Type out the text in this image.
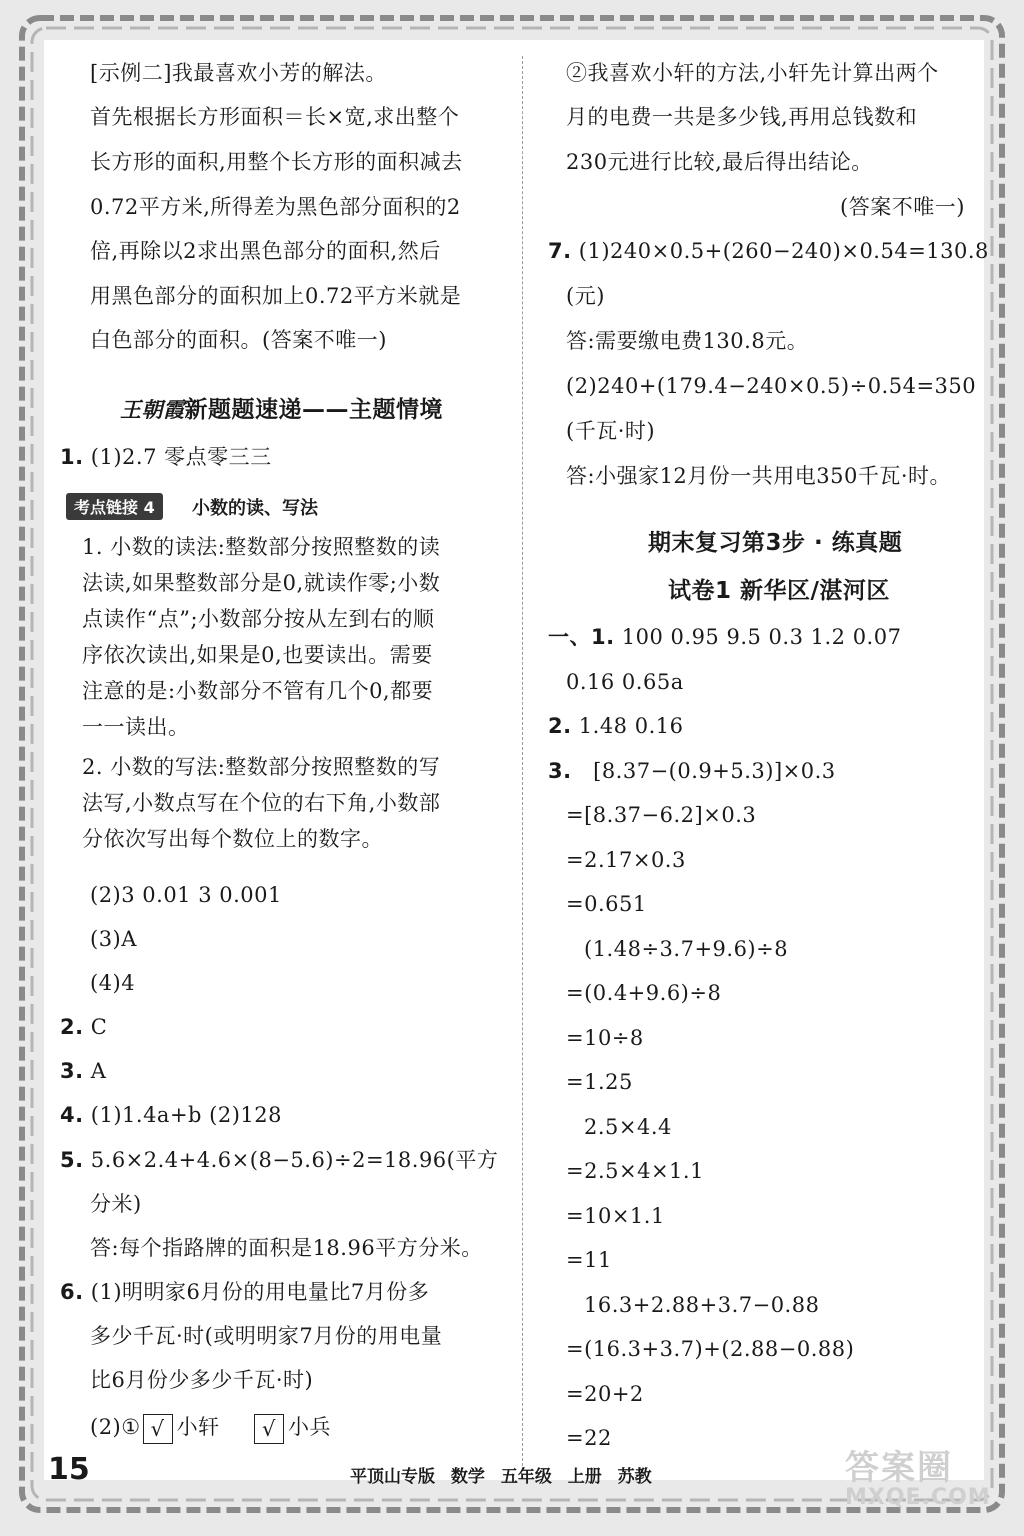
[示例二]我最喜欢小芳的解法。
首先根据长方形面积＝长×宽,求出整个
长方形的面积,用整个长方形的面积减去
0.72平方米,所得差为黑色部分面积的2
倍,再除以2求出黑色部分的面积,然后
用黑色部分的面积加上0.72平方米就是
白色部分的面积。(答案不唯一)
王朝霞新题题速递——主题情境
1. (1)2.7 零点零三三
考点链接 4	小数的读、写法
1. 小数的读法:整数部分按照整数的读
法读,如果整数部分是0,就读作零;小数
点读作“点”;小数部分按从左到右的顺
序依次读出,如果是0,也要读出。需要
注意的是:小数部分不管有几个0,都要
一一读出。
2. 小数的写法:整数部分按照整数的写
法写,小数点写在个位的右下角,小数部
分依次写出每个数位上的数字。
(2)3 0.01 3 0.001
(3)A
(4)4
2. C
3. A
4. (1)1.4a+b (2)128
5. 5.6×2.4+4.6×(8−5.6)÷2=18.96(平方
分米)
答:每个指路牌的面积是18.96平方分米。
6. (1)明明家6月份的用电量比7月份多
多少千瓦·时(或明明家7月份的用电量
比6月份少多少千瓦·时)
(2)① √ 小轩 √ 小兵
②我喜欢小轩的方法,小轩先计算出两个
月的电费一共是多少钱,再用总钱数和
230元进行比较,最后得出结论。
(答案不唯一)
7. (1)240×0.5+(260−240)×0.54=130.8
(元)
答:需要缴电费130.8元。
(2)240+(179.4−240×0.5)÷0.54=350
(千瓦·时)
答:小强家12月份一共用电350千瓦·时。
期末复习第3步 · 练真题
试卷1 新华区/湛河区
一、1. 100 0.95 9.5 0.3 1.2 0.07
0.16 0.65a
2. 1.48 0.16
3. [8.37−(0.9+5.3)]×0.3
=[8.37−6.2]×0.3
=2.17×0.3
=0.651
(1.48÷3.7+9.6)÷8
=(0.4+9.6)÷8
=10÷8
=1.25
2.5×4.4
=2.5×4×1.1
=10×1.1
=11
16.3+2.88+3.7−0.88
=(16.3+3.7)+(2.88−0.88)
=20+2
=22
15	平顶山专版 数学 五年级 上册 苏教	答案圈
MXQE.COM
